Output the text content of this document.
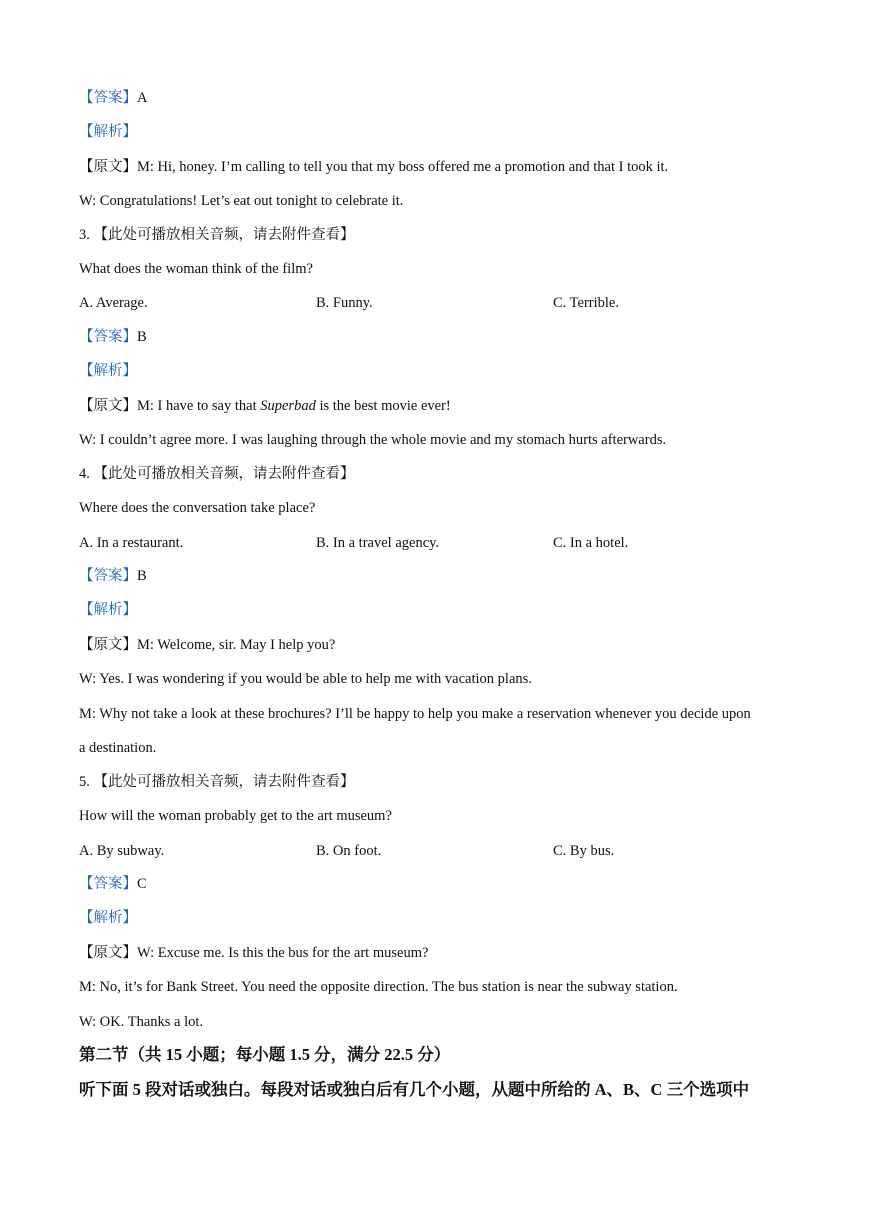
【答案】A
【解析】
【原文】M: Hi, honey. I’m calling to tell you that my boss offered me a promotion and that I took it.
W: Congratulations! Let’s eat out tonight to celebrate it.
3. 【此处可播放相关音频，请去附件查看】
What does the woman think of the film?
A. Average.	B. Funny.	C. Terrible.
【答案】B
【解析】
【原文】M: I have to say that Superbad is the best movie ever!
W: I couldn’t agree more. I was laughing through the whole movie and my stomach hurts afterwards.
4. 【此处可播放相关音频，请去附件查看】
Where does the conversation take place?
A. In a restaurant.	B. In a travel agency.	C. In a hotel.
【答案】B
【解析】
【原文】M: Welcome, sir. May I help you?
W: Yes. I was wondering if you would be able to help me with vacation plans.
M: Why not take a look at these brochures? I’ll be happy to help you make a reservation whenever you decide upon
a destination.
5. 【此处可播放相关音频，请去附件查看】
How will the woman probably get to the art museum?
A. By subway.	B. On foot.	C. By bus.
【答案】C
【解析】
【原文】W: Excuse me. Is this the bus for the art museum?
M: No, it’s for Bank Street. You need the opposite direction. The bus station is near the subway station.
W: OK. Thanks a lot.
第二节（共 15 小题；每小题 1.5 分，满分 22.5 分）
听下面 5 段对话或独白。每段对话或独白后有几个小题，从题中所给的 A、B、C 三个选项中
